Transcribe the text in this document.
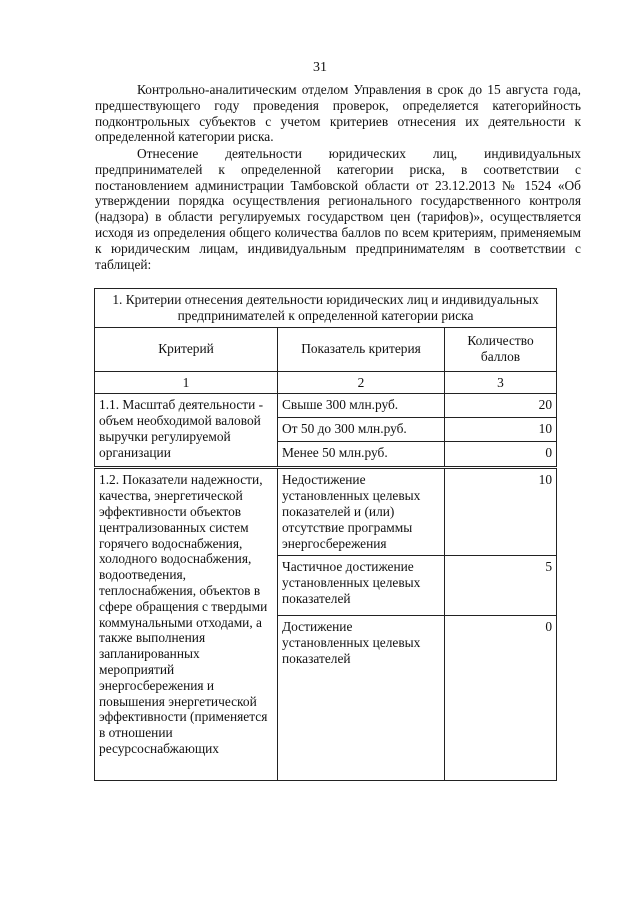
31

Контрольно-аналитическим отделом Управления в срок до 15 августа года, предшествующего году проведения проверок, определяется категорийность подконтрольных субъектов с учетом критериев отнесения их деятельности к определенной категории риска.

Отнесение деятельности юридических лиц, индивидуальных предпринимателей к определенной категории риска, в соответствии с постановлением администрации Тамбовской области от 23.12.2013 № 1524 «Об утверждении порядка осуществления регионального государственного контроля (надзора) в области регулируемых государством цен (тарифов)», осуществляется исходя из определения общего количества баллов по всем критериям, применяемым к юридическим лицам, индивидуальным предпринимателям в соответствии с таблицей:

1. Критерии отнесения деятельности юридических лиц и индивидуальных предпринимателей к определенной категории риска		
Критерий	Показатель критерия	Количество баллов
1	2	3
1.1. Масштаб деятельности - объем необходимой валовой выручки регулируемой организации	Свыше 300 млн.руб.	20
	От 50 до 300 млн.руб.	10
	Менее 50 млн.руб.	0
1.2. Показатели надежности, качества, энергетической эффективности объектов централизованных систем горячего водоснабжения, холодного водоснабжения, водоотведения, теплоснабжения, объектов в сфере обращения с твердыми коммунальными отходами, а также выполнения запланированных мероприятий энергосбережения и повышения энергетической эффективности (применяется в отношении ресурсоснабжающих	Недостижение установленных целевых показателей и (или) отсутствие программы энергосбережения	10
	Частичное достижение установленных целевых показателей	5
	Достижение установленных целевых показателей	0
